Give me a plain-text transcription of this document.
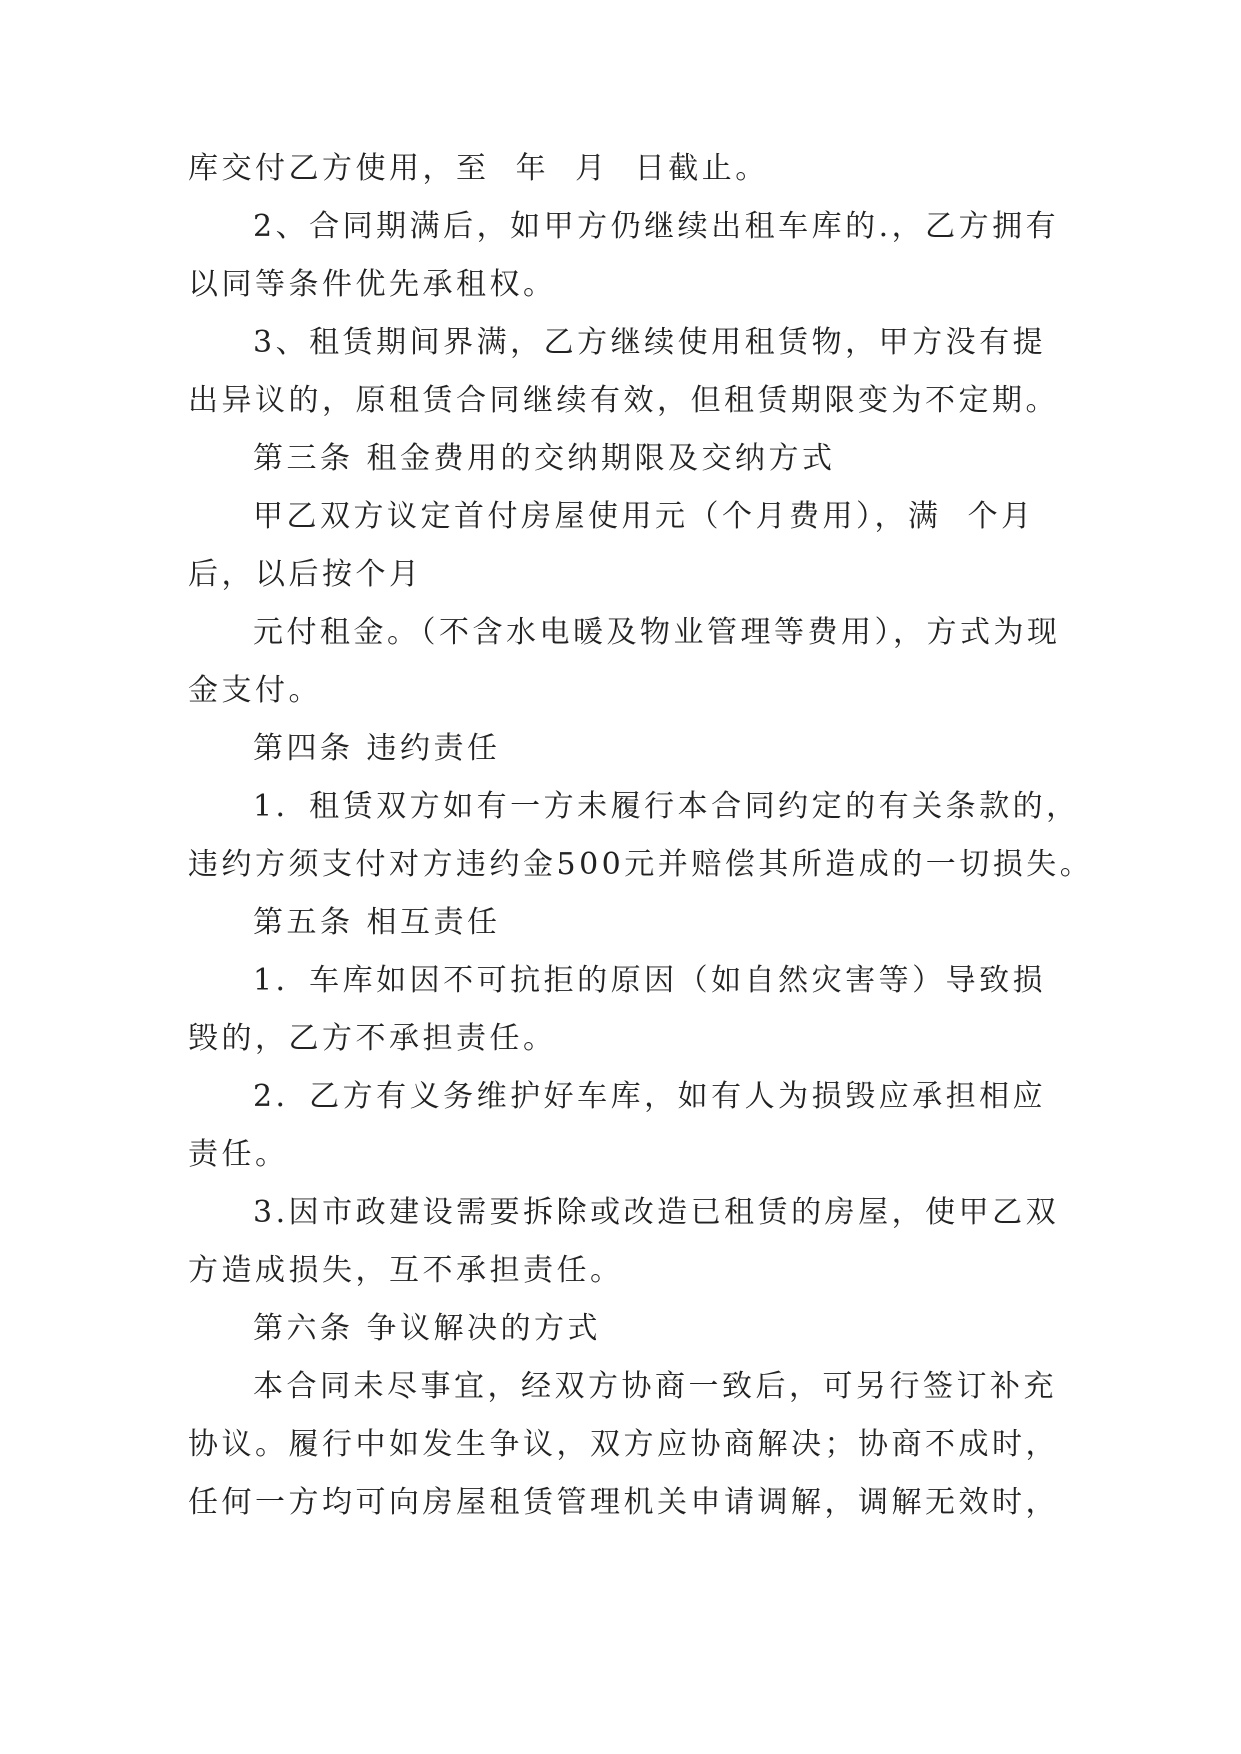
库交付乙方使用，至  年  月  日截止。
2、合同期满后，如甲方仍继续出租车库的.，乙方拥有
以同等条件优先承租权。
3、租赁期间界满，乙方继续使用租赁物，甲方没有提
出异议的，原租赁合同继续有效，但租赁期限变为不定期。
第三条 租金费用的交纳期限及交纳方式
甲乙双方议定首付房屋使用元（个月费用），满  个月
后，以后按个月
元付租金。（不含水电暖及物业管理等费用），方式为现
金支付。
第四条 违约责任
1．租赁双方如有一方未履行本合同约定的有关条款的，
违约方须支付对方违约金500元并赔偿其所造成的一切损失。
第五条 相互责任
1．车库如因不可抗拒的原因（如自然灾害等）导致损
毁的，乙方不承担责任。
2．乙方有义务维护好车库，如有人为损毁应承担相应
责任。
3.因市政建设需要拆除或改造已租赁的房屋，使甲乙双
方造成损失，互不承担责任。
第六条 争议解决的方式
本合同未尽事宜，经双方协商一致后，可另行签订补充
协议。履行中如发生争议，双方应协商解决；协商不成时，
任何一方均可向房屋租赁管理机关申请调解，调解无效时，
